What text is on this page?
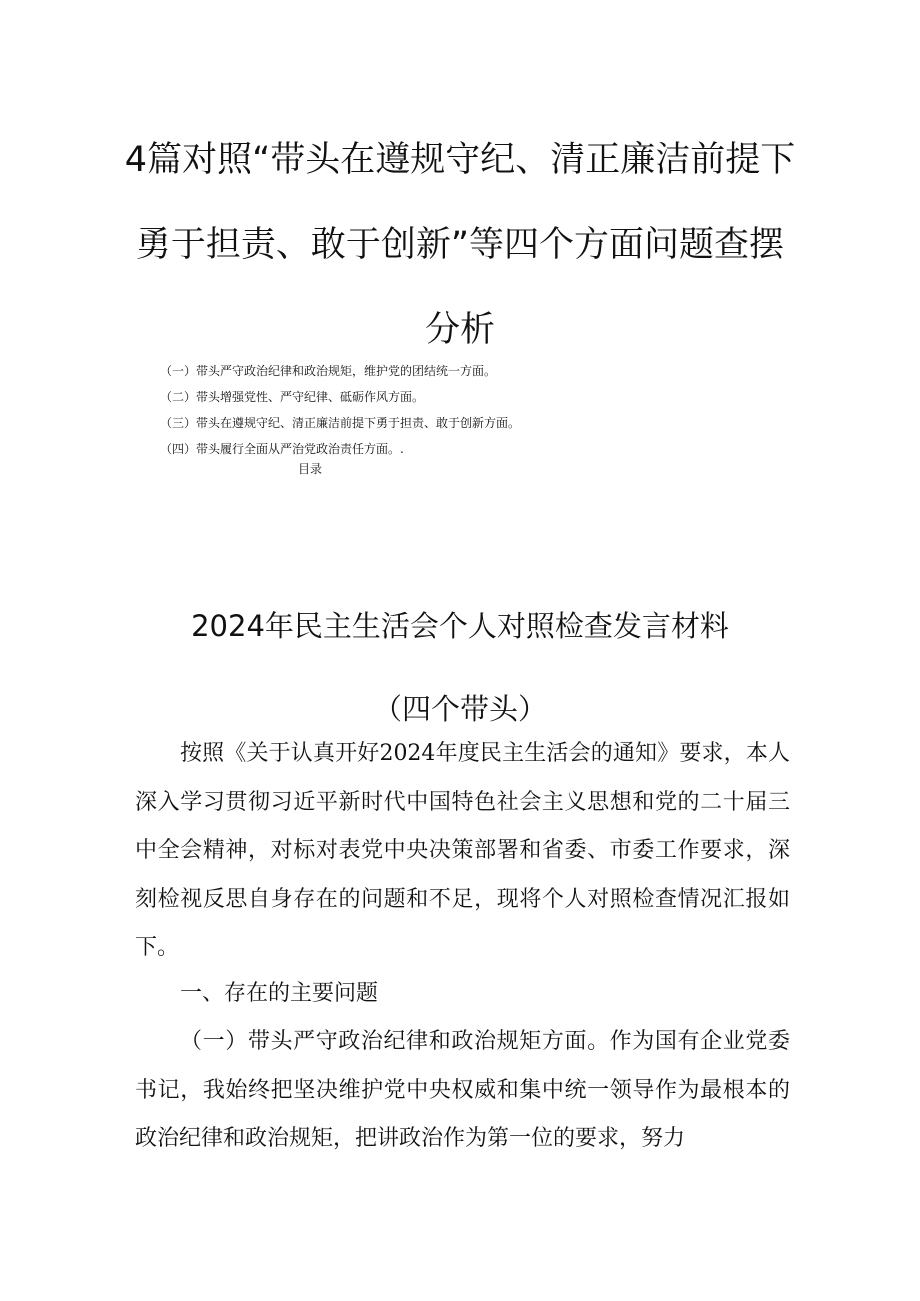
4篇对照“带头在遵规守纪、清正廉洁前提下勇于担责、敢于创新”等四个方面问题查摆分析
（一）带头严守政治纪律和政治规矩，维护党的团结统一方面。
（二）带头增强党性、严守纪律、砥砺作风方面。
（三）带头在遵规守纪、清正廉洁前提下勇于担责、敢于创新方面。
（四）带头履行全面从严治党政治责任方面。.
目录
2024年民主生活会个人对照检查发言材料
（四个带头）

按照《关于认真开好2024年度民主生活会的通知》要求，本人深入学习贯彻习近平新时代中国特色社会主义思想和党的二十届三中全会精神，对标对表党中央决策部署和省委、市委工作要求，深刻检视反思自身存在的问题和不足，现将个人对照检查情况汇报如下。

一、存在的主要问题

（一）带头严守政治纪律和政治规矩方面。作为国有企业党委书记，我始终把坚决维护党中央权威和集中统一领导作为最根本的政治纪律和政治规矩，把讲政治作为第一位的要求，努力
